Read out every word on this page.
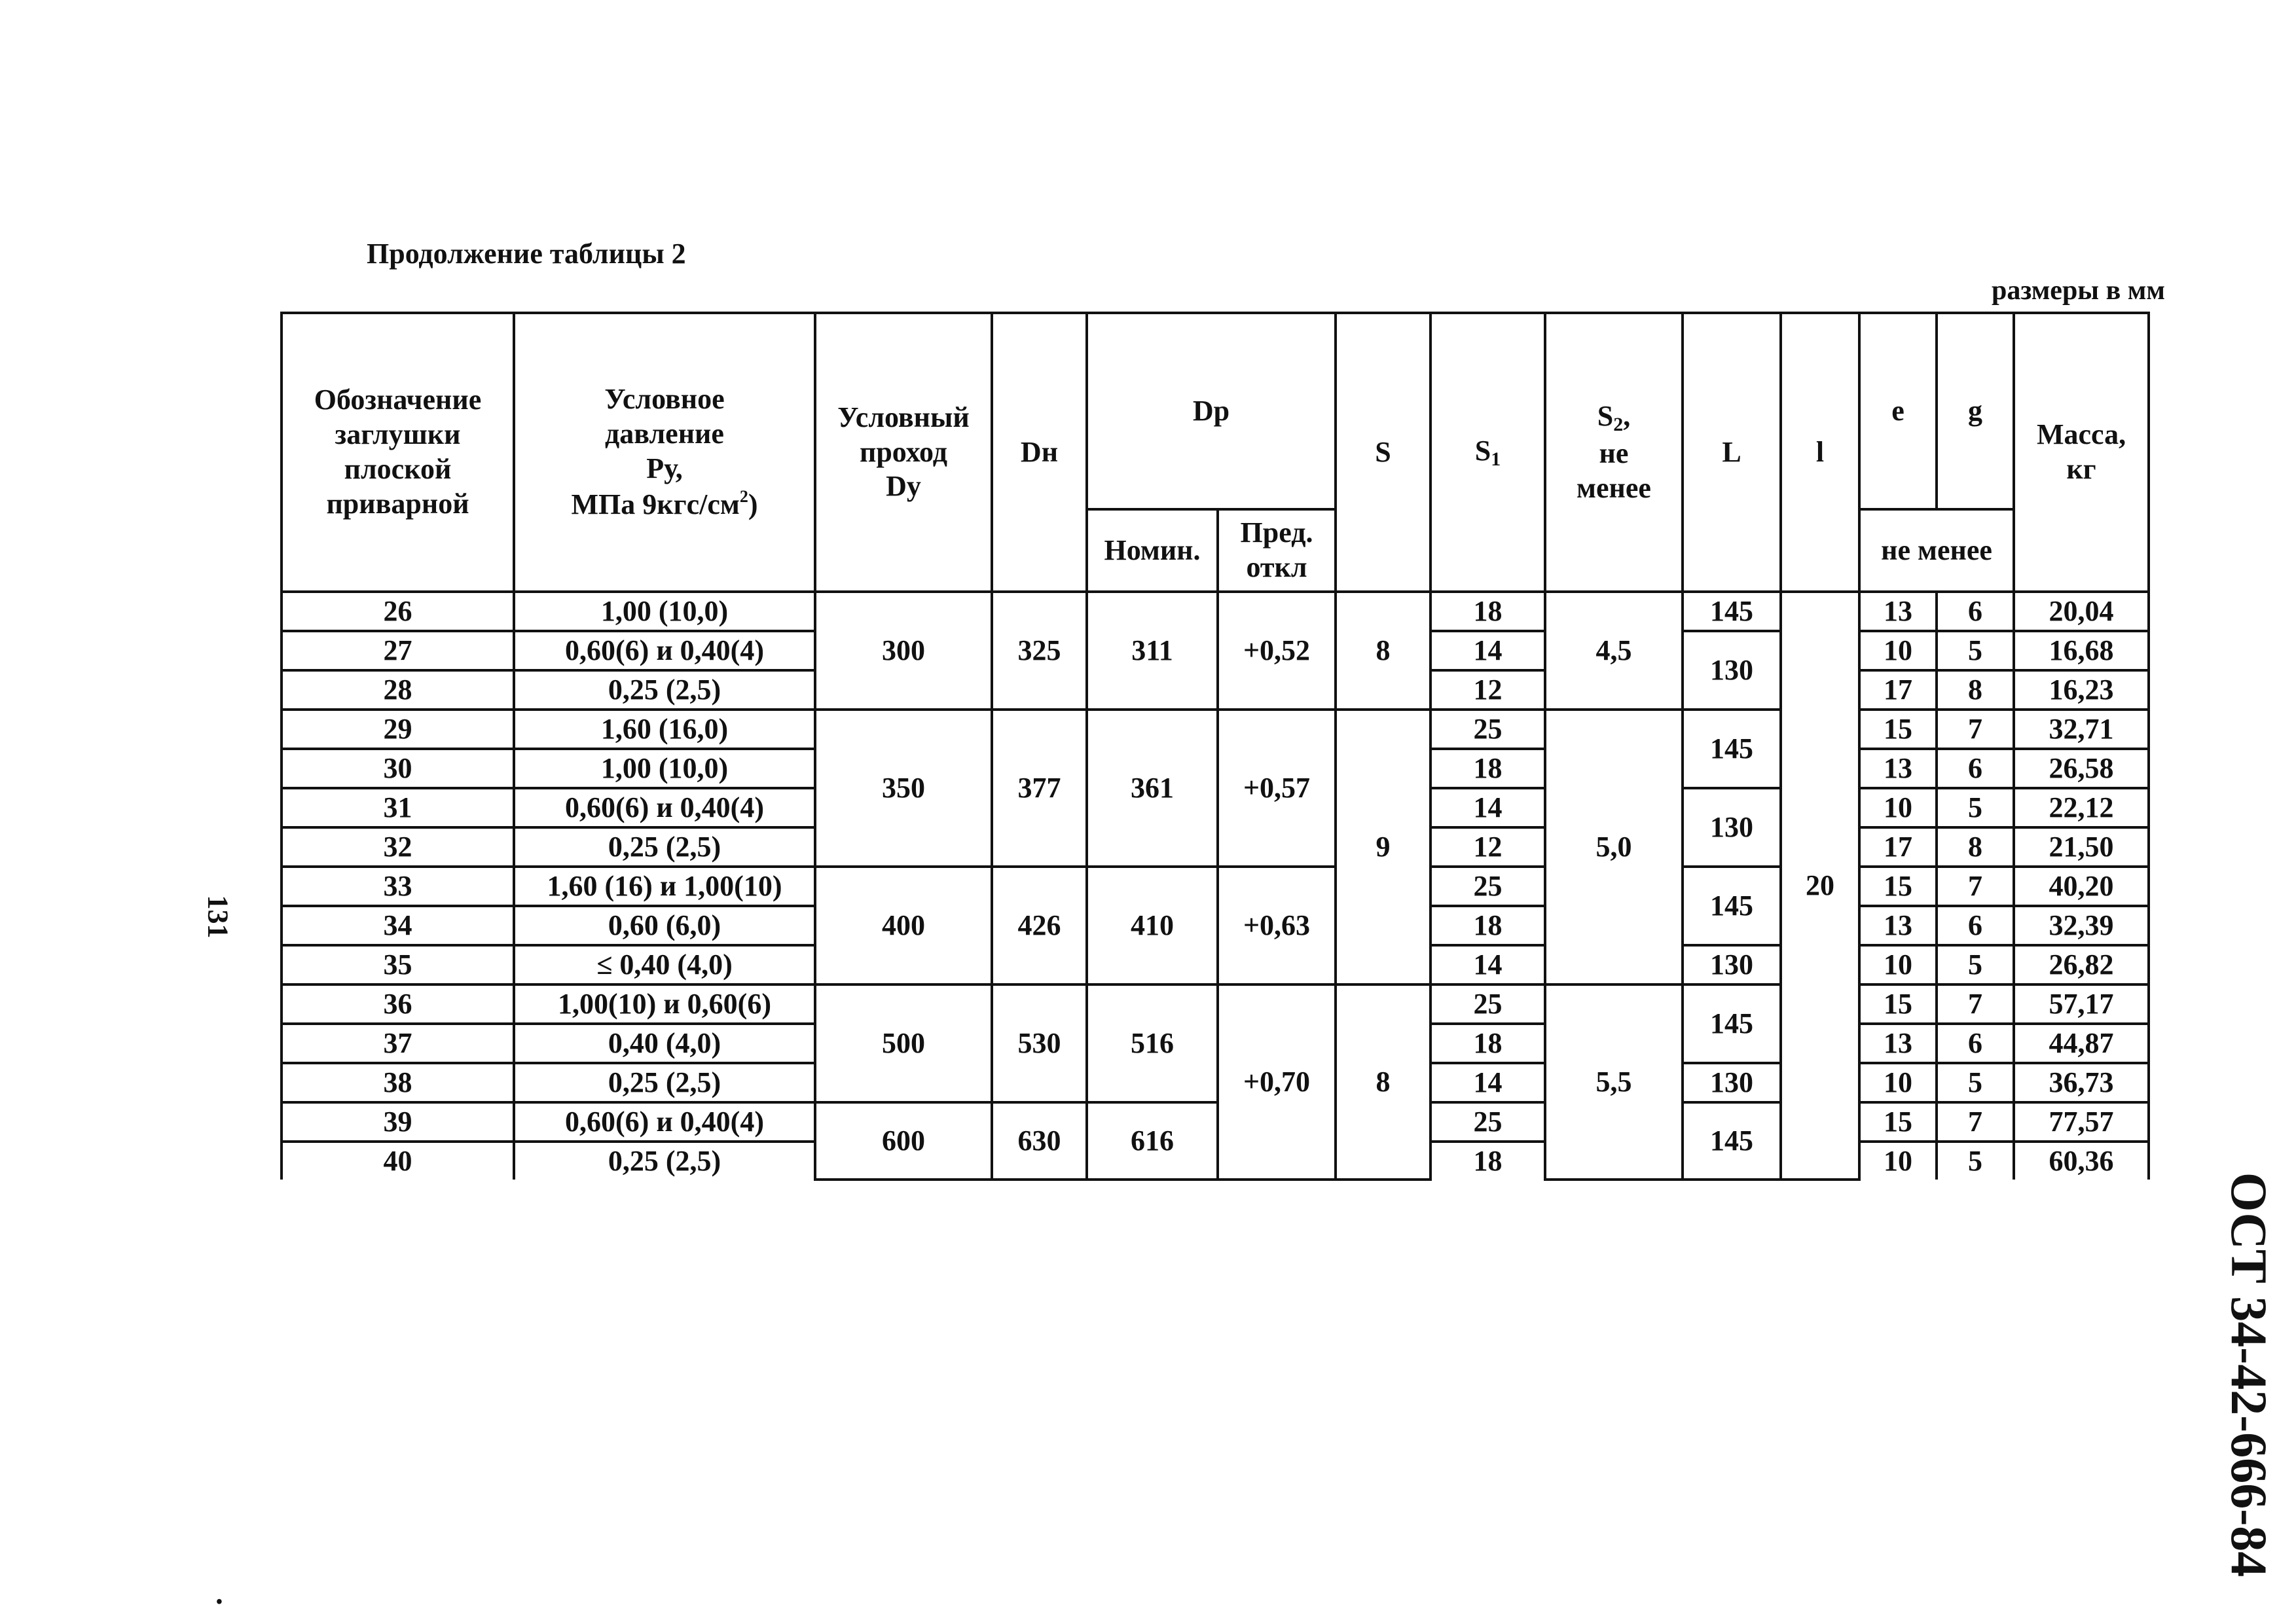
Продолжение таблицы 2
размеры в мм
131
ОСТ 34-42-666-84
•
Обозначение
заглушки
плоской
приварной	Условное
давление
Ру,
МПа $9кгс/см^2$)	Условный
проход
Dу	Dн	Dр		S	$S_1$	$S_2$,
не
менее	L	l	е	g	Масса,
кг
				Номин.	Пред.
откл						не менее		
26	1,00 (10,0)	300	325	311	+0,52	8	18	4,5	145	20	13	6	20,04
27	0,60(6) и 0,40(4)						14		130		10	5	16,68
28	0,25 (2,5)						12				17	8	16,23
29	1,60 (16,0)	350	377	361	+0,57	9	25	5,0	145		15	7	32,71
30	1,00 (10,0)						18				13	6	26,58
31	0,60(6) и 0,40(4)						14		130		10	5	22,12
32	0,25 (2,5)						12				17	8	21,50
33	1,60 (16) и 1,00(10)	400	426	410	+0,63		25		145		15	7	40,20
34	0,60 (6,0)						18				13	6	32,39
35	≤ 0,40 (4,0)						14		130		10	5	26,82
36	1,00(10) и 0,60(6)	500	530	516	+0,70	8	25	5,5	145		15	7	57,17
37	0,40 (4,0)						18				13	6	44,87
38	0,25 (2,5)						14		130		10	5	36,73
39	0,60(6) и 0,40(4)	600	630	616			25		145		15	7	77,57
40	0,25 (2,5)						18				10	5	60,36
